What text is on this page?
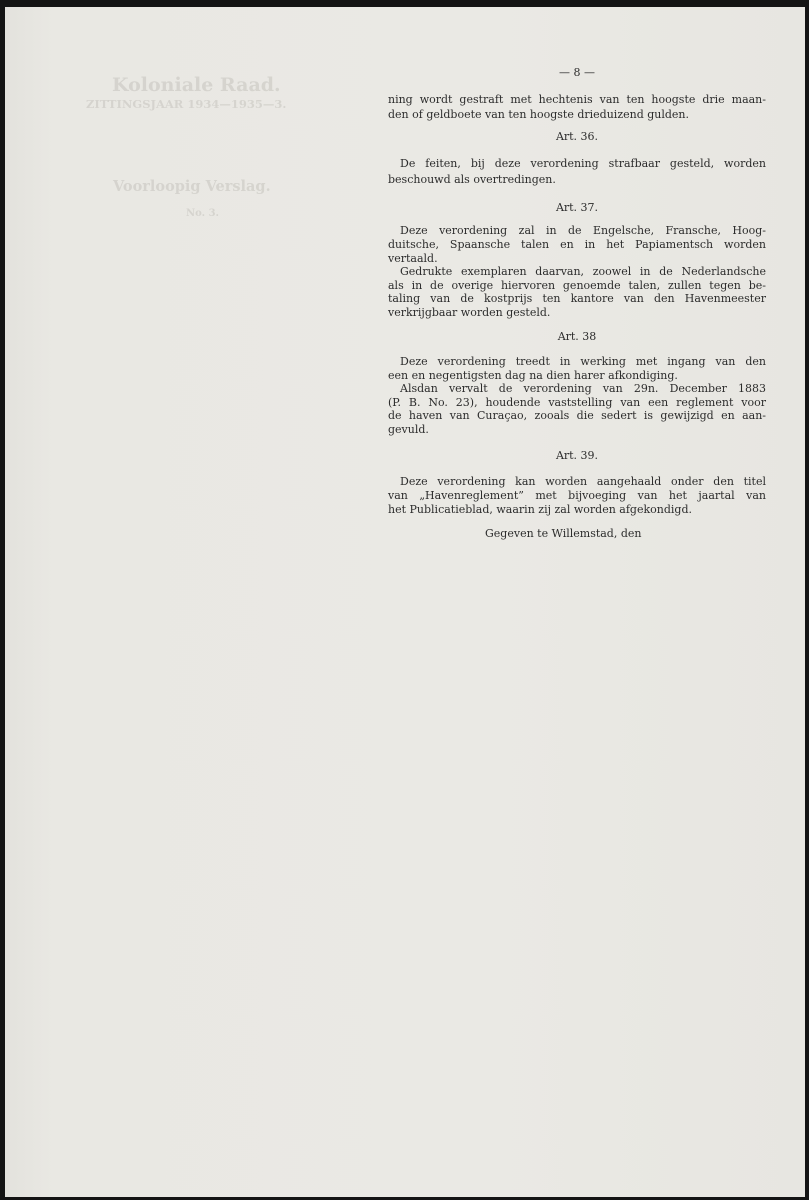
Koloniale Raad.
ZITTINGSJAAR 1934—1935—3.
Voorloopig Verslag.
No. 3.
— 8 —
ning wordt gestraft met hechtenis van ten hoogste drie maan-
den of geldboete van ten hoogste drieduizend gulden.
Art. 36.
De feiten, bij deze verordening strafbaar gesteld, worden
beschouwd als overtredingen.
Art. 37.
Deze verordening zal in de Engelsche, Fransche, Hoog-
duitsche, Spaansche talen en in het Papiamentsch worden
vertaald.
Gedrukte exemplaren daarvan, zoowel in de Nederlandsche
als in de overige hiervoren genoemde talen, zullen tegen be-
taling van de kostprijs ten kantore van den Havenmeester
verkrijgbaar worden gesteld.
Art. 38
Deze verordening treedt in werking met ingang van den
een en negentigsten dag na dien harer afkondiging.
Alsdan vervalt de verordening van 29n. December 1883
(P. B. No. 23), houdende vaststelling van een reglement voor
de haven van Curaçao, zooals die sedert is gewijzigd en aan-
gevuld.
Art. 39.
Deze verordening kan worden aangehaald onder den titel
van „Havenreglement” met bijvoeging van het jaartal van
het Publicatieblad, waarin zij zal worden afgekondigd.
Gegeven te Willemstad, den
